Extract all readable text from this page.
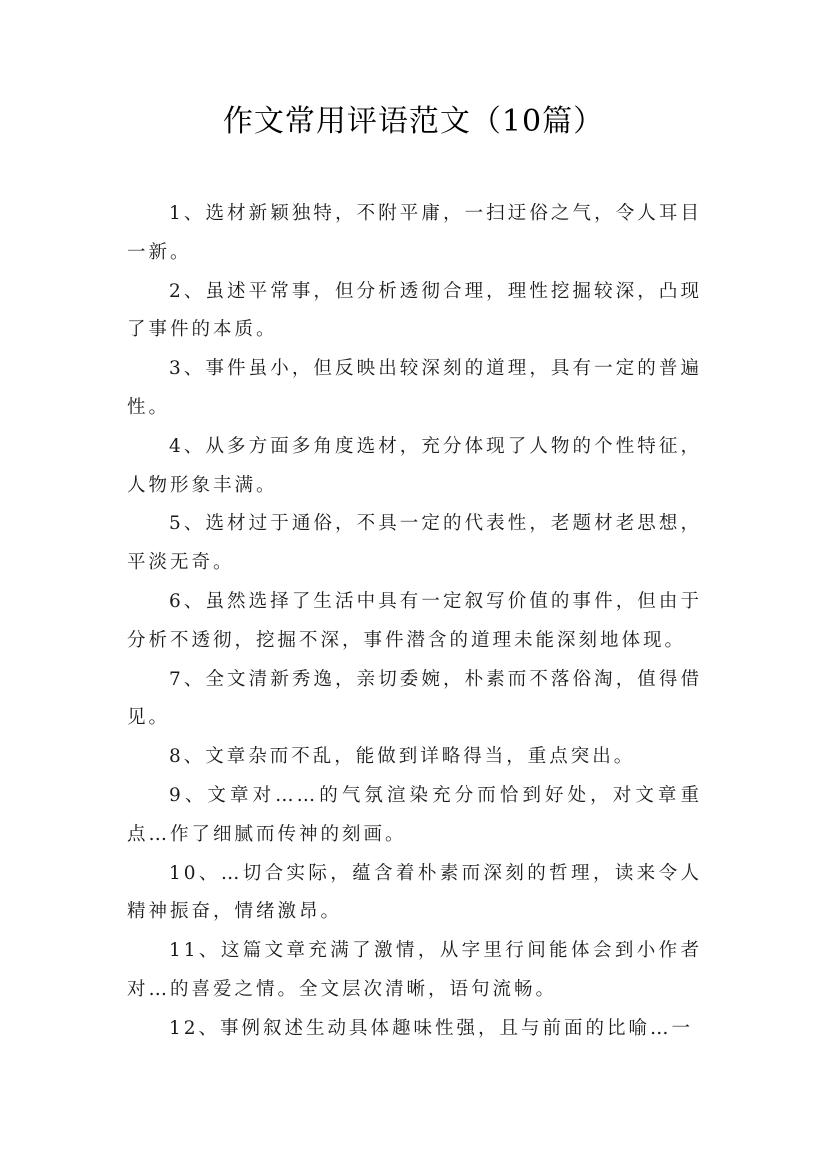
作文常用评语范文（10篇）

1、选材新颖独特，不附平庸，一扫迂俗之气，令人耳目一新。

2、虽述平常事，但分析透彻合理，理性挖掘较深，凸现了事件的本质。

3、事件虽小，但反映出较深刻的道理，具有一定的普遍性。

4、从多方面多角度选材，充分体现了人物的个性特征，人物形象丰满。

5、选材过于通俗，不具一定的代表性，老题材老思想，平淡无奇。

6、虽然选择了生活中具有一定叙写价值的事件，但由于分析不透彻，挖掘不深，事件潜含的道理未能深刻地体现。

7、全文清新秀逸，亲切委婉，朴素而不落俗淘，值得借见。

8、文章杂而不乱，能做到详略得当，重点突出。

9、文章对……的气氛渲染充分而恰到好处，对文章重点…作了细腻而传神的刻画。

10、…切合实际，蕴含着朴素而深刻的哲理，读来令人精神振奋，情绪激昂。

11、这篇文章充满了激情，从字里行间能体会到小作者对…的喜爱之情。全文层次清晰，语句流畅。

12、事例叙述生动具体趣味性强，且与前面的比喻…一
